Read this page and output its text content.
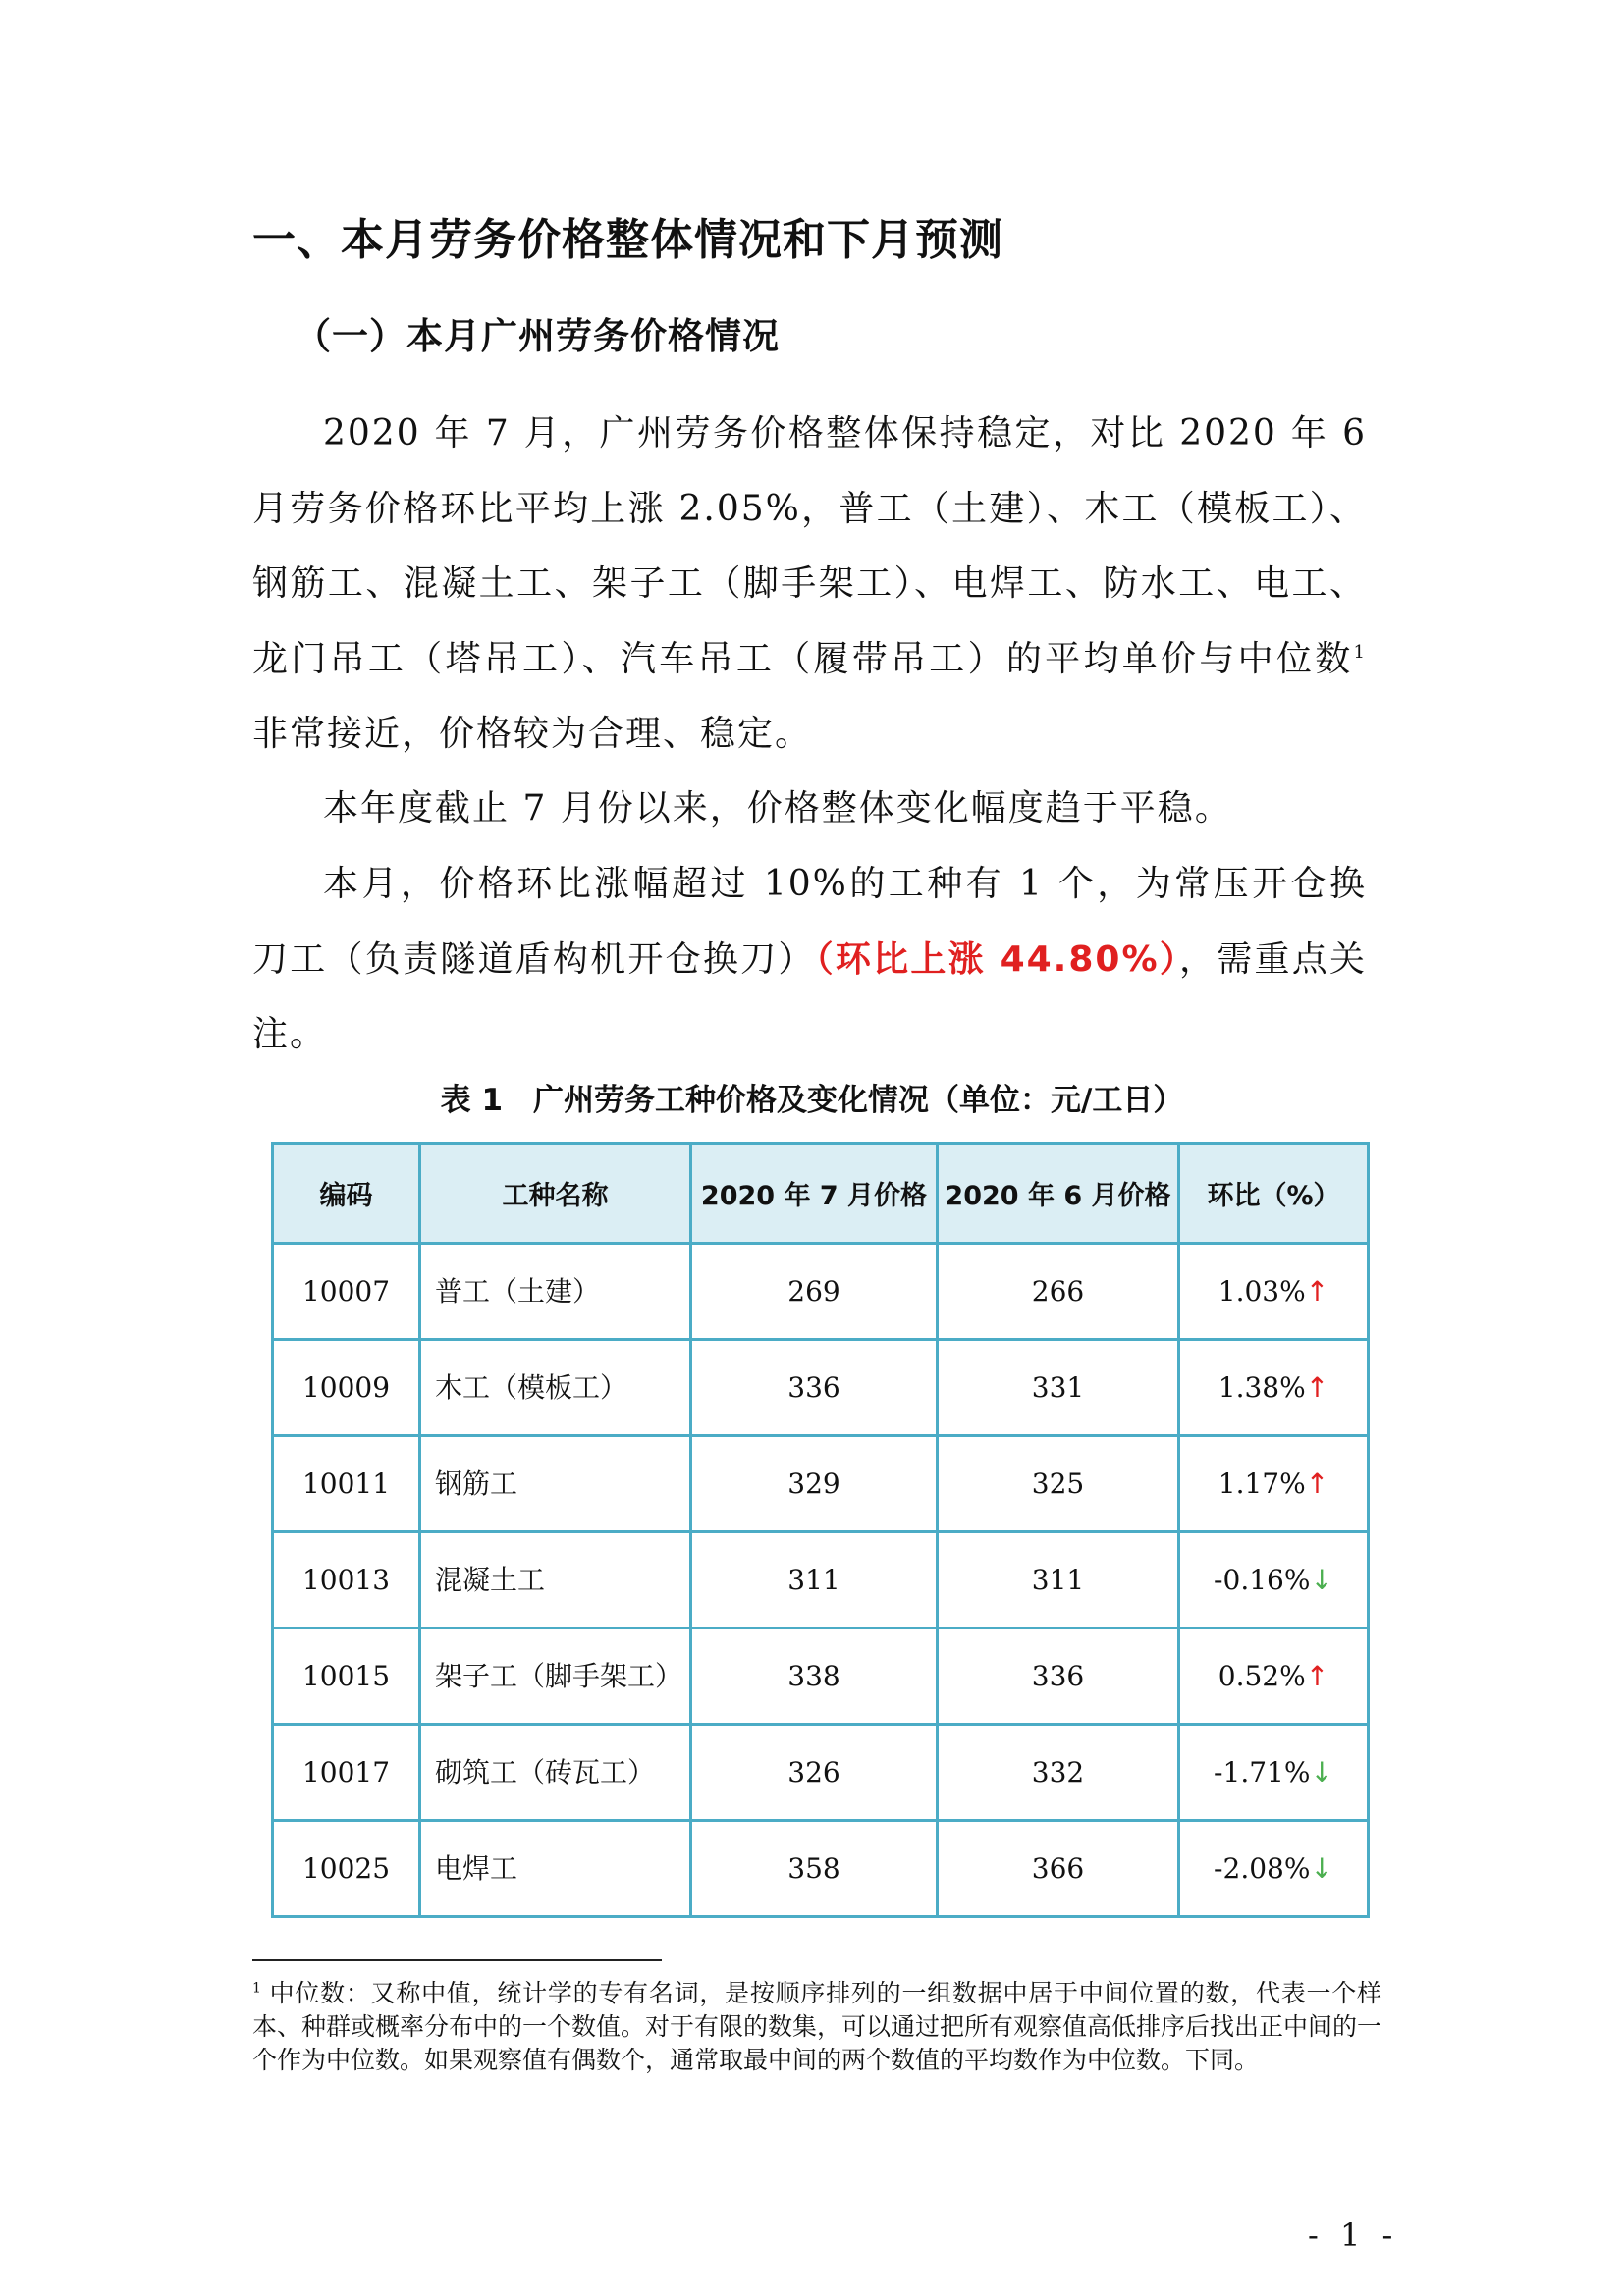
一、本月劳务价格整体情况和下月预测
（一）本月广州劳务价格情况

2020 年 7 月，广州劳务价格整体保持稳定，对比 2020 年 6 月劳务价格环比平均上涨 2.05%，普工（土建）、木工（模板工）、钢筋工、混凝土工、架子工（脚手架工）、电焊工、防水工、电工、龙门吊工（塔吊工）、汽车吊工（履带吊工）的平均单价与中位数$^1$非常接近，价格较为合理、稳定。

本年度截止 7 月份以来，价格整体变化幅度趋于平稳。

本月，价格环比涨幅超过 10%的工种有 1 个，为常压开仓换刀工（负责隧道盾构机开仓换刀）（环比上涨 44.80%），需重点关注。

表 1　广州劳务工种价格及变化情况（单位：元/工日）
编码	工种名称	2020 年 7 月价格	2020 年 6 月价格	环比（%）
10007	普工（土建）	269	266	1.03%↑
10009	木工（模板工）	336	331	1.38%↑
10011	钢筋工	329	325	1.17%↑
10013	混凝土工	311	311	-0.16%↓
10015	架子工（脚手架工）	338	336	0.52%↑
10017	砌筑工（砖瓦工）	326	332	-1.71%↓
10025	电焊工	358	366	-2.08%↓

$^1$ 中位数：又称中值，统计学的专有名词，是按顺序排列的一组数据中居于中间位置的数，代表一个样本、种群或概率分布中的一个数值。对于有限的数集，可以通过把所有观察值高低排序后找出正中间的一个作为中位数。如果观察值有偶数个，通常取最中间的两个数值的平均数作为中位数。下同。

- 1 -
